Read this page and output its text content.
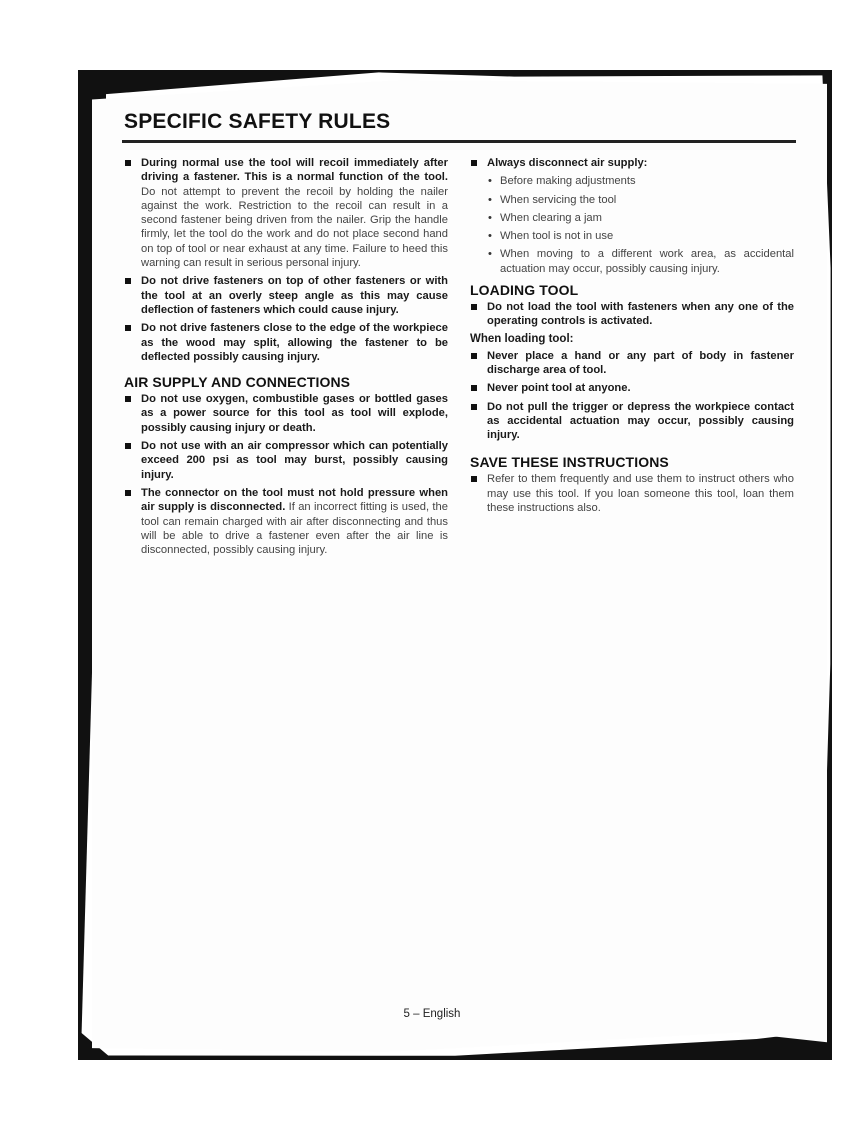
SPECIFIC SAFETY RULES
During normal use the tool will recoil immediately after driving a fastener. This is a normal function of the tool. Do not attempt to prevent the recoil by holding the nailer against the work. Restriction to the recoil can result in a second fastener being driven from the nailer. Grip the handle firmly, let the tool do the work and do not place second hand on top of tool or near exhaust at any time. Failure to heed this warning can result in serious personal injury.
Do not drive fasteners on top of other fasteners or with the tool at an overly steep angle as this may cause deflection of fasteners which could cause injury.
Do not drive fasteners close to the edge of the workpiece as the wood may split, allowing the fastener to be deflected possibly causing injury.
AIR SUPPLY AND CONNECTIONS
Do not use oxygen, combustible gases or bottled gases as a power source for this tool as tool will explode, possibly causing injury or death.
Do not use with an air compressor which can potentially exceed 200 psi as tool may burst, possibly causing injury.
The connector on the tool must not hold pressure when air supply is disconnected. If an incorrect fitting is used, the tool can remain charged with air after disconnecting and thus will be able to drive a fastener even after the air line is disconnected, possibly causing injury.
Always disconnect air supply:
• Before making adjustments
• When servicing the tool
• When clearing a jam
• When tool is not in use
• When moving to a different work area, as accidental actuation may occur, possibly causing injury.
LOADING TOOL
Do not load the tool with fasteners when any one of the operating controls is activated.
When loading tool:
Never place a hand or any part of body in fastener discharge area of tool.
Never point tool at anyone.
Do not pull the trigger or depress the workpiece contact as accidental actuation may occur, possibly causing injury.
SAVE THESE INSTRUCTIONS
Refer to them frequently and use them to instruct others who may use this tool. If you loan someone this tool, loan them these instructions also.
5 – English
